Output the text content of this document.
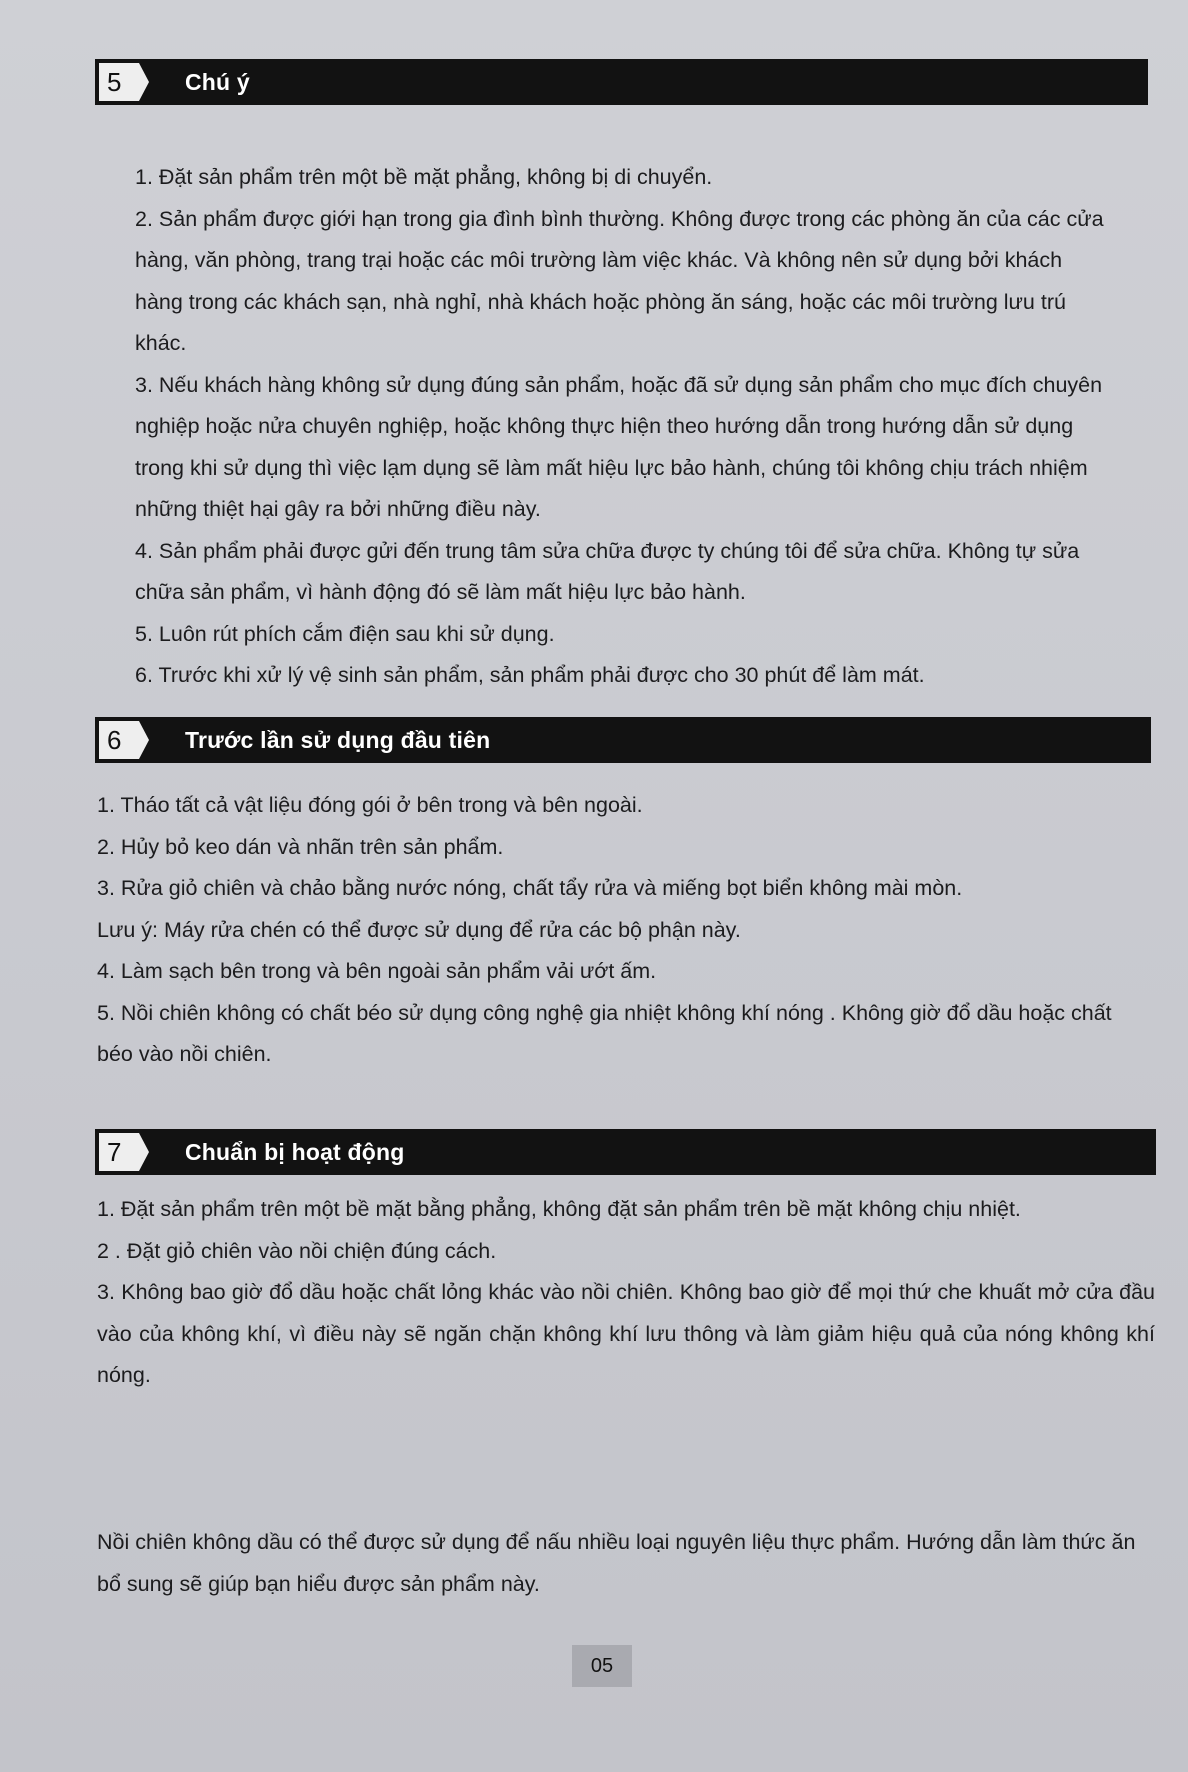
5	Chú ý

1. Đặt sản phẩm trên một bề mặt phẳng, không bị di chuyển.

2. Sản phẩm được giới hạn trong gia đình bình thường. Không được trong các phòng ăn của các cửa hàng, văn phòng, trang trại hoặc các môi trường làm việc khác. Và không nên sử dụng bởi khách hàng trong các khách sạn, nhà nghỉ, nhà khách hoặc phòng ăn sáng, hoặc các môi trường lưu trú khác.

3. Nếu khách hàng không sử dụng đúng sản phẩm, hoặc đã sử dụng sản phẩm cho mục đích chuyên nghiệp hoặc nửa chuyên nghiệp, hoặc không thực hiện theo hướng dẫn trong hướng dẫn sử dụng trong khi sử dụng thì việc lạm dụng sẽ làm mất hiệu lực bảo hành, chúng tôi không chịu trách nhiệm những thiệt hại gây ra bởi những điều này.

4. Sản phẩm phải được gửi đến trung tâm sửa chữa được ty chúng tôi để sửa chữa. Không tự sửa chữa sản phẩm, vì hành động đó sẽ làm mất hiệu lực bảo hành.

5. Luôn rút phích cắm điện sau khi sử dụng.

6. Trước khi xử lý vệ sinh sản phẩm, sản phẩm phải được cho 30 phút để làm mát.

6	Trước lần sử dụng đầu tiên

1. Tháo tất cả vật liệu đóng gói ở bên trong và bên ngoài.

2. Hủy bỏ keo dán và nhãn trên sản phẩm.

3. Rửa giỏ chiên và chảo bằng nước nóng, chất tẩy rửa và miếng bọt biển không mài mòn.

Lưu ý: Máy rửa chén có thể được sử dụng để rửa các bộ phận này.

4. Làm sạch bên trong và bên ngoài sản phẩm vải ướt ấm.

5. Nồi chiên không có chất béo sử dụng công nghệ gia nhiệt không khí nóng . Không giờ đổ dầu hoặc chất béo vào nồi chiên.

7	Chuẩn bị hoạt động

1. Đặt sản phẩm trên một bề mặt bằng phẳng, không đặt sản phẩm trên bề mặt không chịu nhiệt.

2 . Đặt giỏ chiên vào nồi chiện đúng cách.

3. Không bao giờ đổ dầu hoặc chất lỏng khác vào nồi chiên. Không bao giờ để mọi thứ che khuất mở cửa đầu vào của không khí, vì điều này sẽ ngăn chặn không khí lưu thông và làm giảm hiệu quả của nóng không khí nóng.

Nồi chiên không dầu có thể được sử dụng để nấu nhiều loại nguyên liệu thực phẩm. Hướng dẫn làm thức ăn bổ sung sẽ giúp bạn hiểu được sản phẩm này.

05
